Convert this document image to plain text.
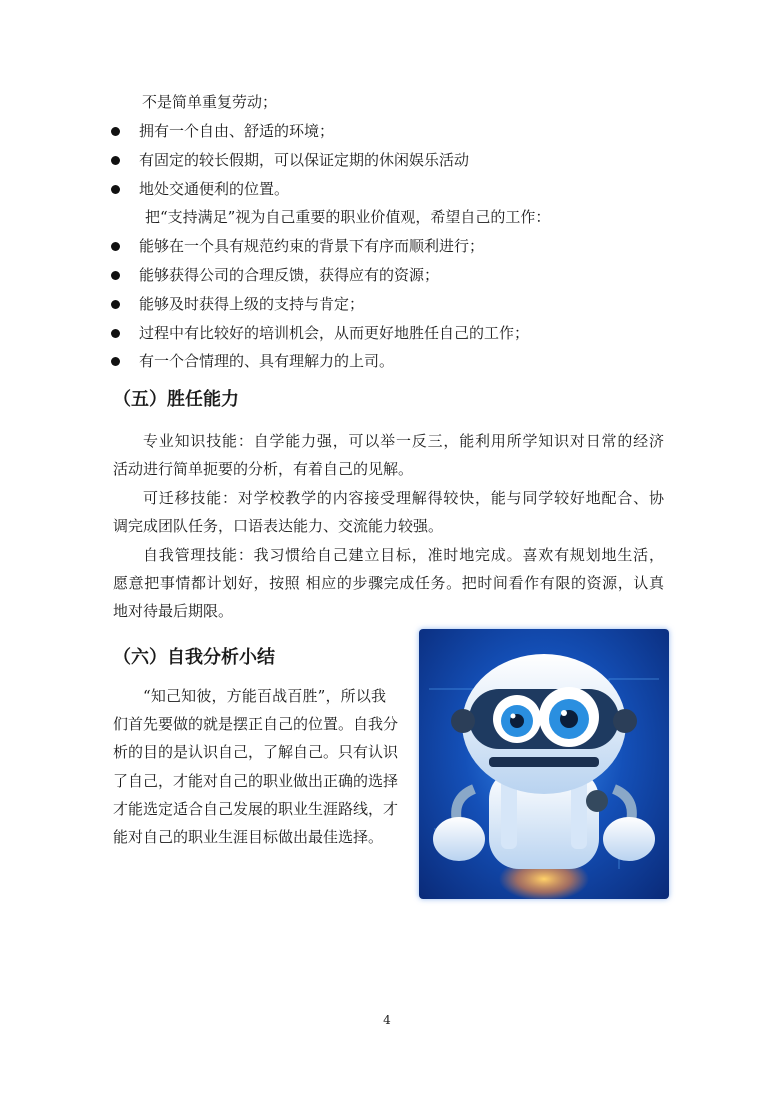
不是简单重复劳动；
拥有一个自由、舒适的环境；
有固定的较长假期，可以保证定期的休闲娱乐活动
地处交通便利的位置。
把“支持满足”视为自己重要的职业价值观，希望自己的工作：
能够在一个具有规范约束的背景下有序而顺利进行；
能够获得公司的合理反馈，获得应有的资源；
能够及时获得上级的支持与肯定；
过程中有比较好的培训机会，从而更好地胜任自己的工作；
有一个合情理的、具有理解力的上司。
（五）胜任能力
专业知识技能：自学能力强，可以举一反三，能利用所学知识对日常的经济
活动进行简单扼要的分析，有着自己的见解。
可迁移技能：对学校教学的内容接受理解得较快，能与同学较好地配合、协
调完成团队任务，口语表达能力、交流能力较强。
自我管理技能：我习惯给自己建立目标，准时地完成。喜欢有规划地生活，
愿意把事情都计划好，按照 相应的步骤完成任务。把时间看作有限的资源，认真
地对待最后期限。
（六）自我分析小结
“知己知彼，方能百战百胜”，所以我
们首先要做的就是摆正自己的位置。自我分
析的目的是认识自己，了解自己。只有认识
了自己，才能对自己的职业做出正确的选择
才能选定适合自己发展的职业生涯路线，才
能对自己的职业生涯目标做出最佳选择。
4
